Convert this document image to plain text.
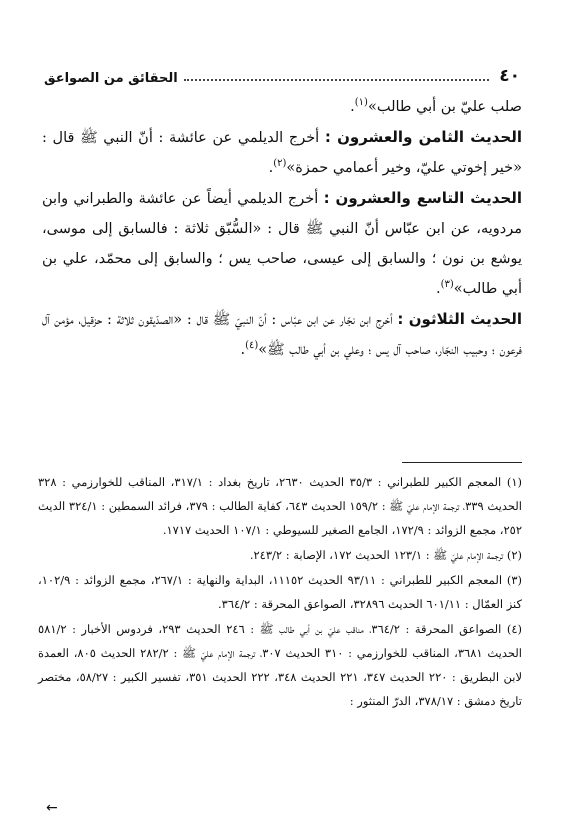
٤٠
الحقائق من الصواعق

صلب عليّ بن أبي طالب»$^{(١)}$.

الحديث الثامن والعشرون : أخرج الديلمي عن عائشة : أنّ النبي ﷺ قال : «خير إخوتي عليّ، وخير أعمامي حمزة»$^{(٢)}$.

الحديث التاسع والعشرون : أخرج الديلمي أيضاً عن عائشة والطبراني وابن مردويه، عن ابن عبّاس أنّ النبي ﷺ قال : «السُّبّق ثلاثة : فالسابق إلى موسى، يوشع بن نون ؛ والسابق إلى عيسى، صاحب يس ؛ والسابق إلى محمّد، علي بن أبي طالب»$^{(٣)}$.

الحديث الثلاثون : أخرج ابن نجّار عن ابن عبّاس : أنّ النبيّ ﷺ قال : «الصدّيقون ثلاثة : حزقيل، مؤمن آل فرعون ؛ وحبيب النجّار، صاحب آل يس ؛ وعلي بن أبي طالب ﷺ»$^{(٤)}$.

(١) المعجم الكبير للطبراني : ٣٥/٣ الحديث ٢٦٣٠، تاريخ بغداد : ٣١٧/١، المناقب للخوارزمي : ٣٢٨ الحديث ٣٣٩، ترجمة الإمام عليّ ﷺ : ١٥٩/٢ الحديث ٦٤٣، كفاية الطالب : ٣٧٩، فرائد السمطين : ٣٢٤/١ الديث ٢٥٢، مجمع الزوائد : ١٧٢/٩، الجامع الصغير للسيوطي : ١٠٧/١ الحديث ١٧١٧.

(٢) ترجمة الإمام عليّ ﷺ : ١٢٣/١ الحديث ١٧٢، الإصابة : ٢٤٣/٢.

(٣) المعجم الكبير للطبراني : ٩٣/١١ الحديث ١١١٥٢، البداية والنهاية : ٢٦٧/١، مجمع الزوائد : ١٠٢/٩، كنز العمّال : ٦٠١/١١ الحديث ٣٢٨٩٦، الصواعق المحرقة : ٣٦٤/٢.

(٤) الصواعق المحرقة : ٣٦٤/٢، مناقب عليّ بن أبي طالب ﷺ : ٢٤٦ الحديث ٢٩٣، فردوس الأخبار : ٥٨١/٢ الحديث ٣٦٨١، المناقب للخوارزمي : ٣١٠ الحديث ٣٠٧، ترجمة الإمام عليّ ﷺ : ٢٨٢/٢ الحديث ٨٠٥، العمدة لابن البطريق : ٢٢٠ الحديث ٣٤٧، ٢٢١ الحديث ٣٤٨، ٢٢٢ الحديث ٣٥١، تفسير الكبير : ٥٨/٢٧، مختصر تاريخ دمشق : ٣٧٨/١٧، الدرّ المنثور :

←
